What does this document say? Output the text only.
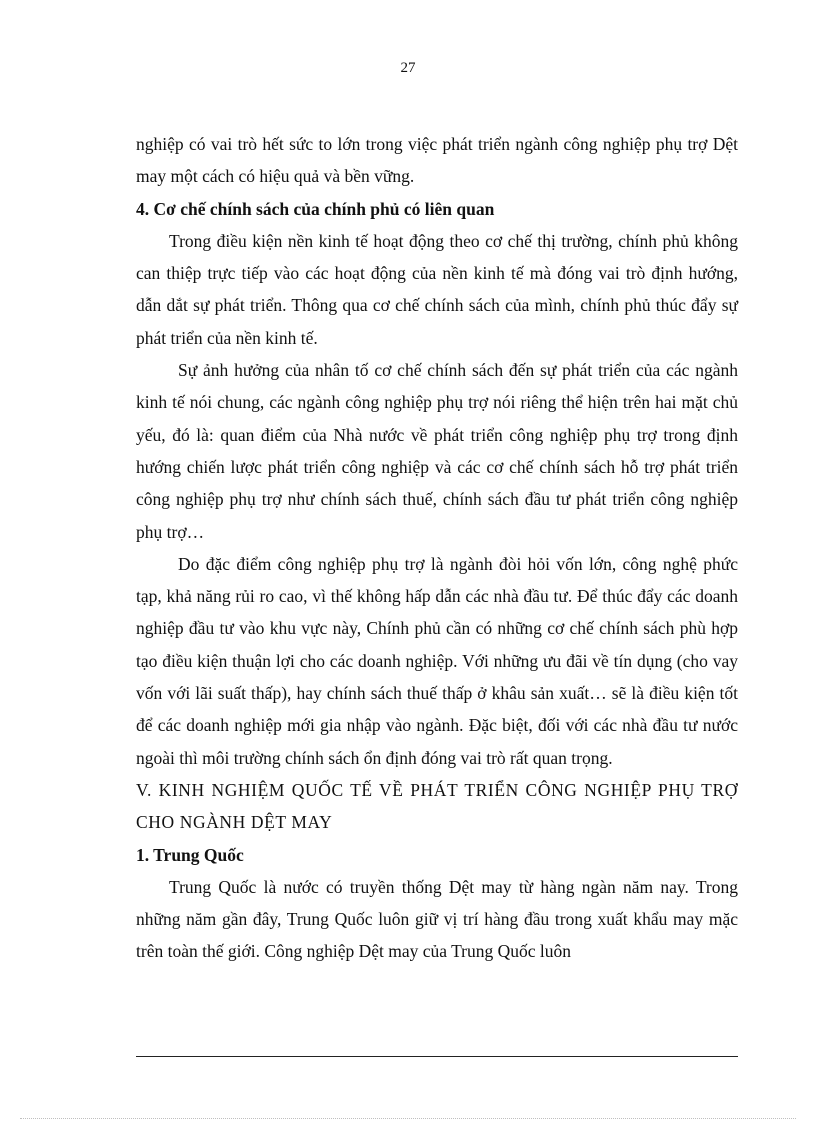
27

nghiệp có vai trò hết sức to lớn trong việc phát triển ngành công nghiệp phụ trợ Dệt may một cách có hiệu quả và bền vững.

4. Cơ chế chính sách của chính phủ có liên quan

Trong điều kiện nền kinh tế hoạt động theo cơ chế thị trường, chính phủ không can thiệp trực tiếp vào các hoạt động của nền kinh tế mà đóng vai trò định hướng, dẫn dắt sự phát triển. Thông qua cơ chế chính sách của mình, chính phủ thúc đẩy sự phát triển của nền kinh tế.

Sự ảnh hưởng của nhân tố cơ chế chính sách đến sự phát triển của các ngành kinh tế nói chung, các ngành công nghiệp phụ trợ nói riêng thể hiện trên hai mặt chủ yếu, đó là: quan điểm của Nhà nước về phát triển công nghiệp phụ trợ trong định hướng chiến lược phát triển công nghiệp và các cơ chế chính sách hỗ trợ phát triển công nghiệp phụ trợ như chính sách thuế, chính sách đầu tư phát triển công nghiệp phụ trợ…

Do đặc điểm công nghiệp phụ trợ là ngành đòi hỏi vốn lớn, công nghệ phức tạp, khả năng rủi ro cao, vì thế không hấp dẫn các nhà đầu tư. Để thúc đẩy các doanh nghiệp đầu tư vào khu vực này, Chính phủ cần có những cơ chế chính sách phù hợp tạo điều kiện thuận lợi cho các doanh nghiệp. Với những ưu đãi về tín dụng (cho vay vốn với lãi suất thấp), hay chính sách thuế thấp ở khâu sản xuất… sẽ là điều kiện tốt để các doanh nghiệp mới gia nhập vào ngành. Đặc biệt, đối với các nhà đầu tư nước ngoài thì môi trường chính sách ổn định đóng vai trò rất quan trọng.

V. KINH NGHIỆM QUỐC TẾ VỀ PHÁT TRIỂN CÔNG NGHIỆP PHỤ TRỢ CHO NGÀNH DỆT MAY

1. Trung Quốc

Trung Quốc là nước có truyền thống Dệt may từ hàng ngàn năm nay. Trong những năm gần đây, Trung Quốc luôn giữ vị trí hàng đầu trong xuất khẩu may mặc trên toàn thế giới. Công nghiệp Dệt may của Trung Quốc luôn
